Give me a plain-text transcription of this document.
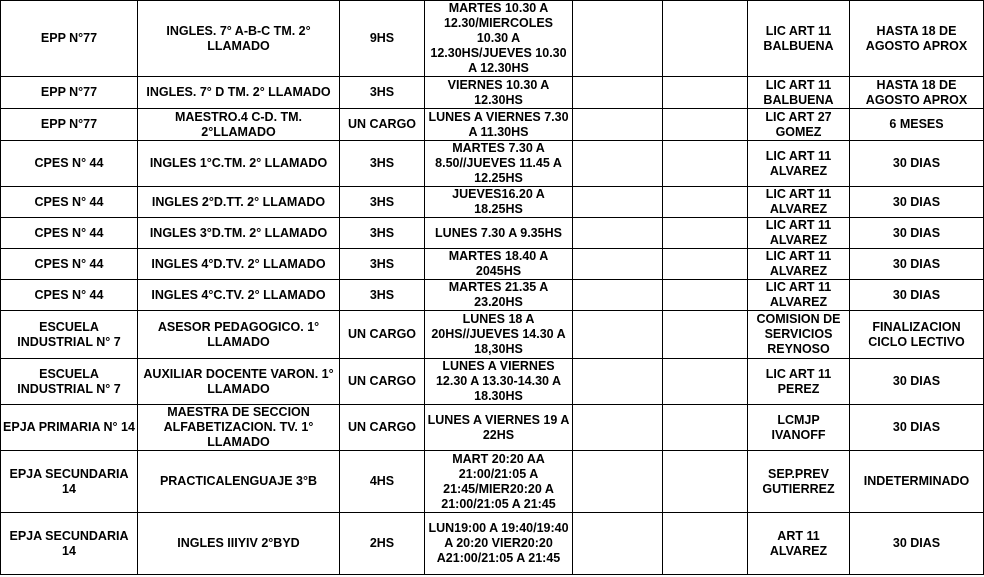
EPP N°77	INGLES. 7° A-B-C TM. 2° LLAMADO	9HS	MARTES 10.30 A 12.30/MIERCOLES 10.30 A 12.30HS/JUEVES 10.30 A 12.30HS			LIC ART 11 BALBUENA	HASTA 18 DE AGOSTO APROX
EPP N°77	INGLES. 7° D TM. 2° LLAMADO	3HS	VIERNES 10.30 A 12.30HS			LIC ART 11 BALBUENA	HASTA 18 DE AGOSTO APROX
EPP N°77	MAESTRO.4 C-D. TM. 2°LLAMADO	UN CARGO	LUNES A VIERNES 7.30 A 11.30HS			LIC ART 27 GOMEZ	6 MESES
CPES N° 44	INGLES 1°C.TM. 2° LLAMADO	3HS	MARTES 7.30 A 8.50//JUEVES 11.45 A 12.25HS			LIC ART 11 ALVAREZ	30 DIAS
CPES N° 44	INGLES 2°D.TT. 2° LLAMADO	3HS	JUEVES16.20 A 18.25HS			LIC ART 11 ALVAREZ	30 DIAS
CPES N° 44	INGLES 3°D.TM. 2° LLAMADO	3HS	LUNES 7.30 A 9.35HS			LIC ART 11 ALVAREZ	30 DIAS
CPES N° 44	INGLES 4°D.TV. 2° LLAMADO	3HS	MARTES 18.40 A 2045HS			LIC ART 11 ALVAREZ	30 DIAS
CPES N° 44	INGLES 4°C.TV. 2° LLAMADO	3HS	MARTES 21.35 A 23.20HS			LIC ART 11 ALVAREZ	30 DIAS
ESCUELA INDUSTRIAL N° 7	ASESOR PEDAGOGICO. 1° LLAMADO	UN CARGO	LUNES 18 A 20HS//JUEVES 14.30 A 18,30HS			COMISION DE SERVICIOS REYNOSO	FINALIZACION CICLO LECTIVO
ESCUELA INDUSTRIAL N° 7	AUXILIAR DOCENTE VARON. 1° LLAMADO	UN CARGO	LUNES A VIERNES 12.30 A 13.30-14.30 A 18.30HS			LIC ART 11 PEREZ	30 DIAS
EPJA PRIMARIA N° 14	MAESTRA DE SECCION ALFABETIZACION. TV. 1° LLAMADO	UN CARGO	LUNES A VIERNES 19 A 22HS			LCMJP IVANOFF	30 DIAS
EPJA SECUNDARIA 14	PRACTICALENGUAJE 3°B	4HS	MART 20:20 AA 21:00/21:05 A 21:45/MIER20:20 A 21:00/21:05 A 21:45			SEP.PREV GUTIERREZ	INDETERMINADO
EPJA SECUNDARIA 14	INGLES IIIYIV 2°BYD	2HS	LUN19:00 A 19:40/19:40 A 20:20 VIER20:20 A21:00/21:05 A 21:45			ART 11 ALVAREZ	30 DIAS
